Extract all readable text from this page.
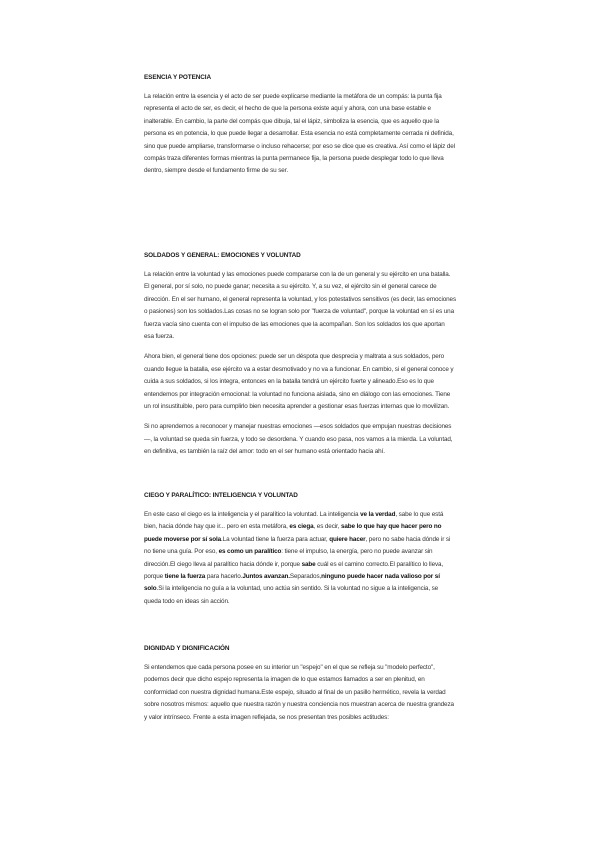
ESENCIA Y POTENCIA

La relación entre la esencia y el acto de ser puede explicarse mediante la metáfora de un compás: la punta fija representa el acto de ser, es decir, el hecho de que la persona existe aquí y ahora, con una base estable e inalterable. En cambio, la parte del compás que dibuja, tal el lápiz, simboliza la esencia, que es aquello que la persona es en potencia, lo que puede llegar a desarrollar. Esta esencia no está completamente cerrada ni definida, sino que puede ampliarse, transformarse o incluso rehacerse; por eso se dice que es creativa. Así como el lápiz del compás traza diferentes formas mientras la punta permanece fija, la persona puede desplegar todo lo que lleva dentro, siempre desde el fundamento firme de su ser.

SOLDADOS Y GENERAL: EMOCIONES Y VOLUNTAD

La relación entre la voluntad y las emociones puede compararse con la de un general y su ejército en una batalla. El general, por sí solo, no puede ganar; necesita a su ejército. Y, a su vez, el ejército sin el general carece de dirección. En el ser humano, el general representa la voluntad, y los potestativos sensitivos (es decir, las emociones o pasiones) son los soldados.Las cosas no se logran solo por "fuerza de voluntad", porque la voluntad en sí es una fuerza vacía sino cuenta con el impulso de las emociones que la acompañan. Son los soldados los que aportan esa fuerza.

Ahora bien, el general tiene dos opciones: puede ser un déspota que desprecia y maltrata a sus soldados, pero cuando llegue la batalla, ese ejército va a estar desmotivado y no va a funcionar. En cambio, si el general conoce y cuida a sus soldados, si los integra, entonces en la batalla tendrá un ejército fuerte y alineado.Eso es lo que entendemos por integración emocional: la voluntad no funciona aislada, sino en diálogo con las emociones. Tiene un rol insustituible, pero para cumplirlo bien necesita aprender a gestionar esas fuerzas internas que lo movilizan.

Si no aprendemos a reconocer y manejar nuestras emociones —esos soldados que empujan nuestras decisiones—, la voluntad se queda sin fuerza, y todo se desordena. Y cuando eso pasa, nos vamos a la mierda. La voluntad, en definitiva, es también la raíz del amor: todo en el ser humano está orientado hacia ahí.

CIEGO Y PARALÍTICO: INTELIGENCIA Y VOLUNTAD

En este caso el ciego es la inteligencia y el paralítico la voluntad. La inteligencia ve la verdad, sabe lo que está bien, hacia dónde hay que ir... pero en esta metáfora, es ciega, es decir, sabe lo que hay que hacer pero no puede moverse por sí sola.La voluntad tiene la fuerza para actuar, quiere hacer, pero no sabe hacia dónde ir si no tiene una guía. Por eso, es como un paralítico: tiene el impulso, la energía, pero no puede avanzar sin dirección.El ciego lleva al paralítico hacia dónde ir, porque sabe cuál es el camino correcto.El paralítico lo lleva, porque tiene la fuerza para hacerlo.Juntos avanzan.Separados,ninguno puede hacer nada valioso por sí solo.Si la inteligencia no guía a la voluntad, uno actúa sin sentido. Si la voluntad no sigue a la inteligencia, se queda todo en ideas sin acción.

DIGNIDAD Y DIGNIFICACIÓN

Si entendemos que cada persona posee en su interior un "espejo" en el que se refleja su "modelo perfecto", podemos decir que dicho espejo representa la imagen de lo que estamos llamados a ser en plenitud, en conformidad con nuestra dignidad humana.Este espejo, situado al final de un pasillo hermético, revela la verdad sobre nosotros mismos: aquello que nuestra razón y nuestra conciencia nos muestran acerca de nuestra grandeza y valor intrínseco. Frente a esta imagen reflejada, se nos presentan tres posibles actitudes:
